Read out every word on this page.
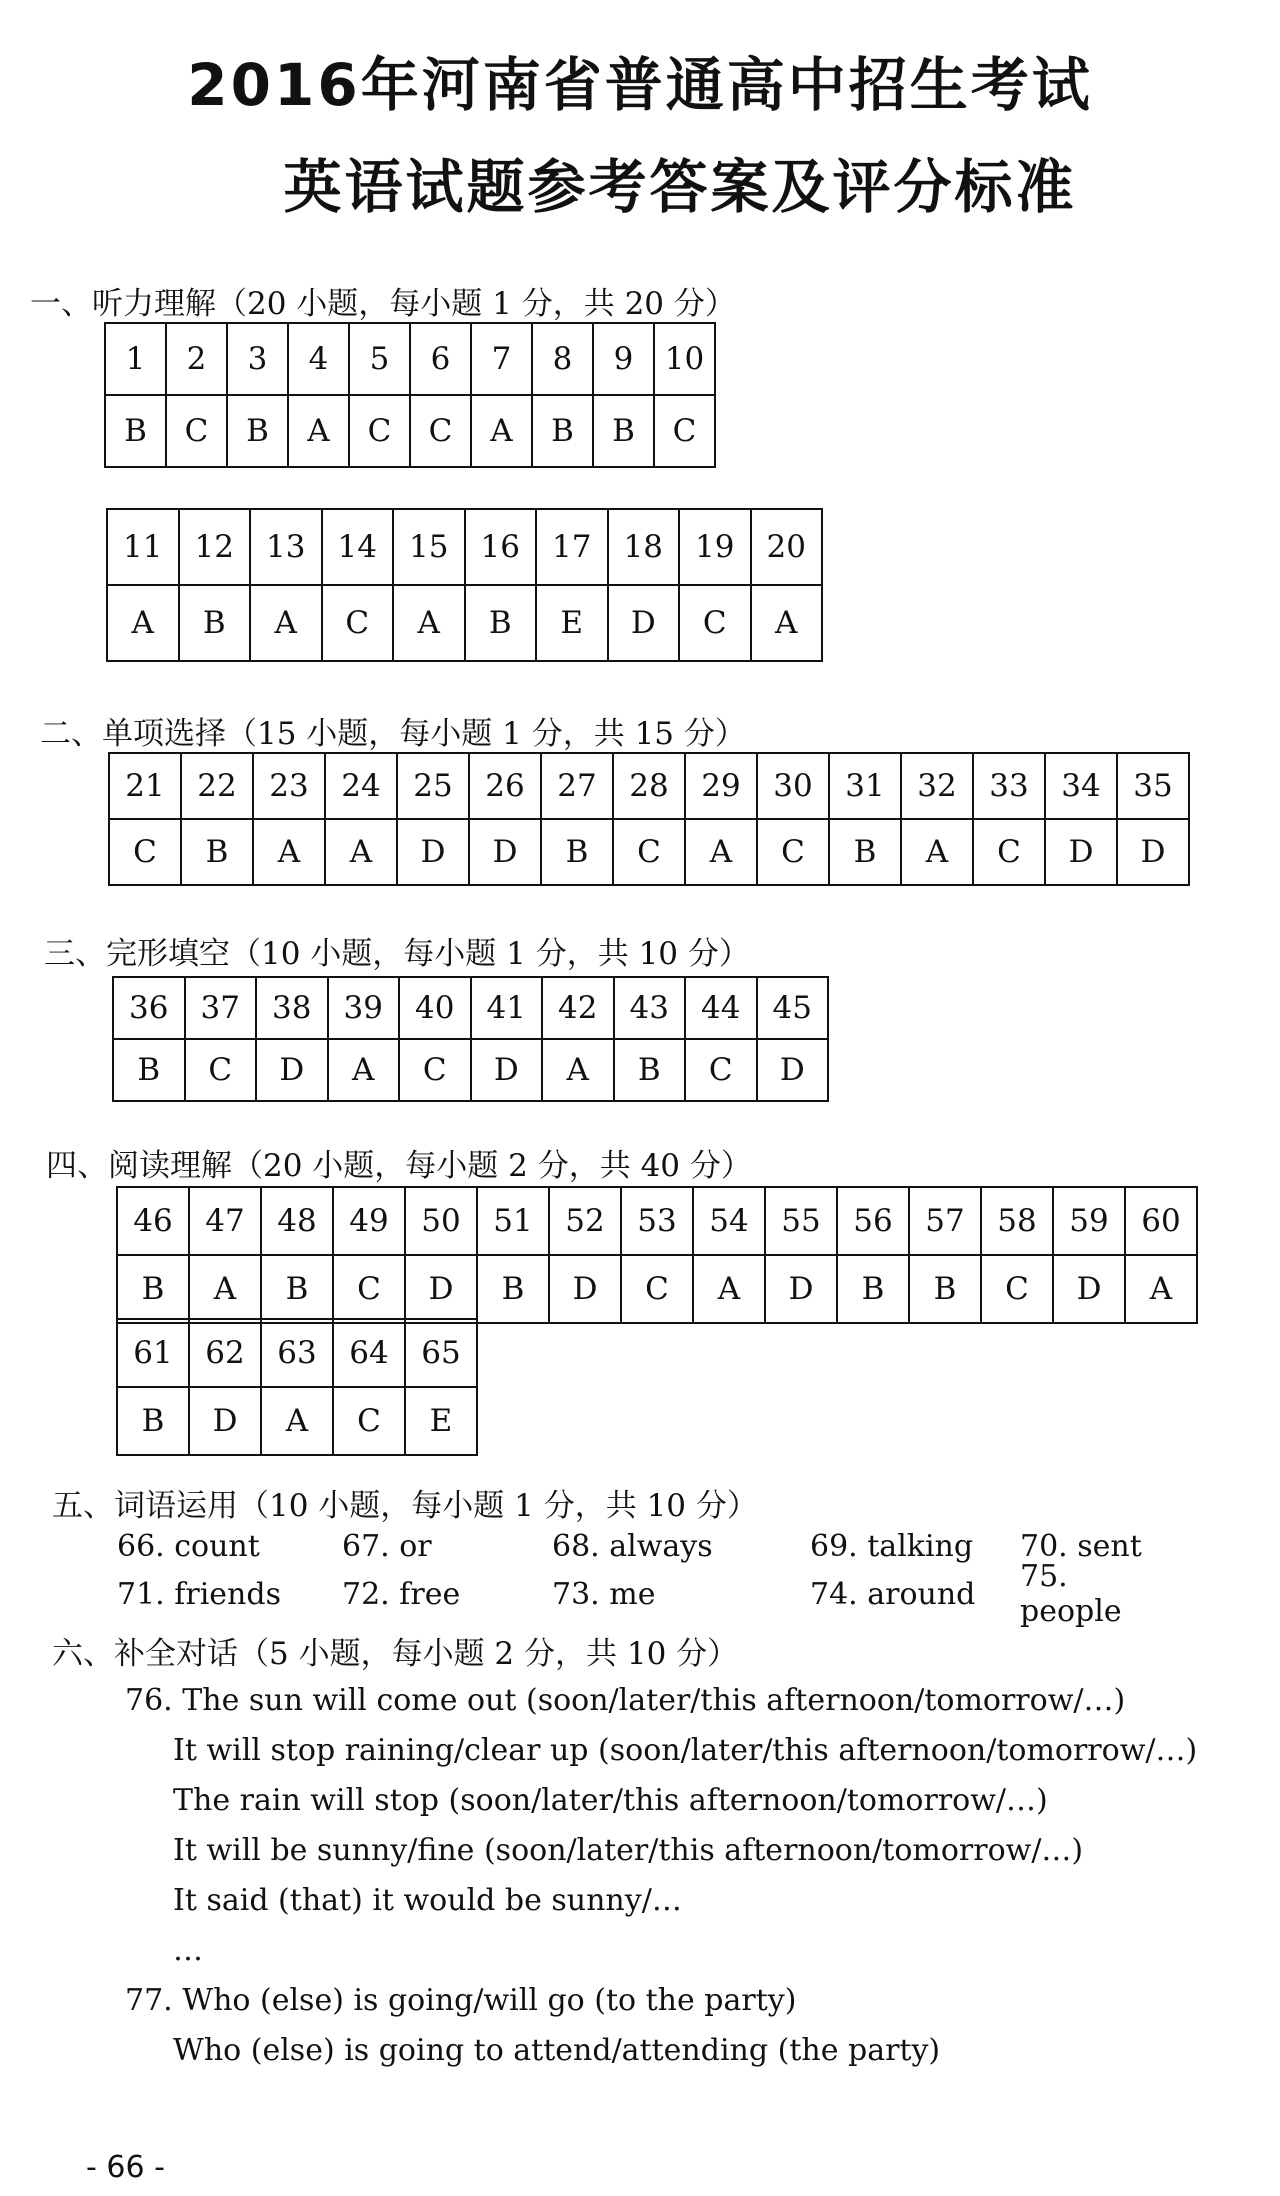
2016年河南省普通高中招生考试
英语试题参考答案及评分标准

一、听力理解（20 小题，每小题 1 分，共 20 分）

1	2	3	4	5	6	7	8	9	10
B	C	B	A	C	C	A	B	B	C
11	12	13	14	15	16	17	18	19	20
A	B	A	C	A	B	E	D	C	A

二、单项选择（15 小题，每小题 1 分，共 15 分）

21	22	23	24	25	26	27	28	29	30	31	32	33	34	35
C	B	A	A	D	D	B	C	A	C	B	A	C	D	D

三、完形填空（10 小题，每小题 1 分，共 10 分）

36	37	38	39	40	41	42	43	44	45
B	C	D	A	C	D	A	B	C	D

四、阅读理解（20 小题，每小题 2 分，共 40 分）

46	47	48	49	50	51	52	53	54	55	56	57	58	59	60
B	A	B	C	D	B	D	C	A	D	B	B	C	D	A
61	62	63	64	65
B	D	A	C	E

五、词语运用（10 小题，每小题 1 分，共 10 分）

66. count	67. or	68. always	69. talking	70. sent
71. friends	72. free	73. me	74. around	75. people

六、补全对话（5 小题，每小题 2 分，共 10 分）

76. The sun will come out (soon/later/this afternoon/tomorrow/…)
It will stop raining/clear up (soon/later/this afternoon/tomorrow/…)
The rain will stop (soon/later/this afternoon/tomorrow/…)
It will be sunny/fine (soon/later/this afternoon/tomorrow/…)
It said (that) it would be sunny/…
…
77. Who (else) is going/will go (to the party)
Who (else) is going to attend/attending (the party)
- 66 -
